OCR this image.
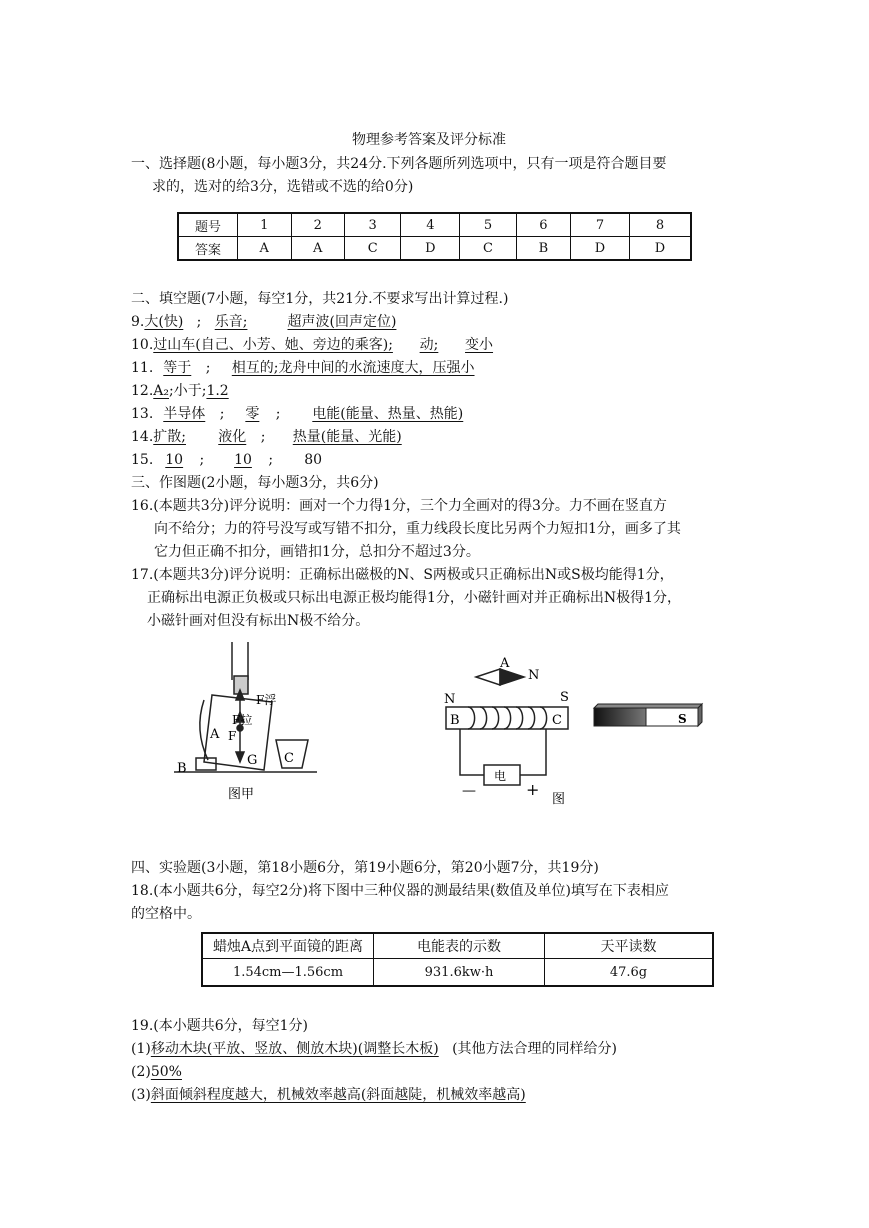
物理参考答案及评分标准
一、选择题(8小题，每小题3分，共24分.下列各题所列选项中，只有一项是符合题目要
求的，选对的给3分，选错或不选的给0分)
题号	1	2	3	4	5	6	7	8
答案	A	A	C	D	C	B	D	D
二、填空题(7小题，每空1分，共21分.不要求写出计算过程.)
9.大(快)   ;   乐音;	超声波(回声定位)
10.过山车(自己、小芳、她、旁边的乘客); 动; 变小
11. 等于 ;   相互的;龙舟中间的水流速度大，压强小
12.A₂;小于;1.2
13. 半导体 ;  零 ;    电能(能量、热量、热能)
14.扩散; 液化 ;   热量(能量、光能)
15. 10 ;    10 ;       80
三、作图题(2小题，每小题3分，共6分)
16.(本题共3分)评分说明：画对一个力得1分，三个力全画对的得3分。力不画在竖直方
向不给分；力的符号没写或写错不扣分，重力线段长度比另两个力短扣1分，画多了其
它力但正确不扣分，画错扣1分，总扣分不超过3分。
17.(本题共3分)评分说明：正确标出磁极的N、S两极或只正确标出N或S极均能得1分，
正确标出电源正负极或只标出电源正极均能得1分，小磁针画对并正确标出N极得1分，
小磁针画对但没有标出N极不给分。
F浮
F拉
F
A
B
G C
图甲
A
N
N	S
B	C
电
—	+
图
S
四、实验题(3小题，第18小题6分，第19小题6分，第20小题7分，共19分)
18.(本小题共6分，每空2分)将下图中三种仪器的测最结果(数值及单位)填写在下表相应
的空格中。
蜡烛A点到平面镜的距离	电能表的示数	天平读数
1.54cm—1.56cm	931.6kw·h	47.6g
19.(本小题共6分，每空1分)
(1)移动木块(平放、竖放、侧放木块)(调整长木板) (其他方法合理的同样给分)
(2)50%
(3)斜面倾斜程度越大，机械效率越高(斜面越陡，机械效率越高)
